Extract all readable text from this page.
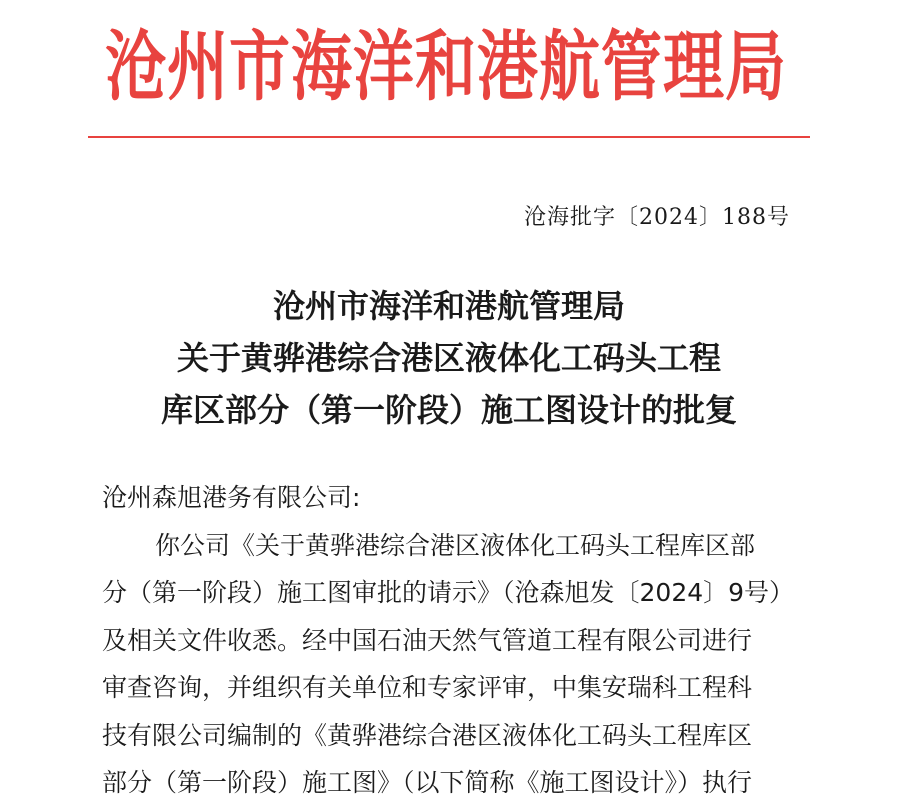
沧州市海洋和港航管理局
沧海批字〔2024〕188号
沧州市海洋和港航管理局
关于黄骅港综合港区液体化工码头工程
库区部分（第一阶段）施工图设计的批复

沧州森旭港务有限公司:

你公司《关于黄骅港综合港区液体化工码头工程库区部

分（第一阶段）施工图审批的请示》（沧森旭发〔2024〕9号）

及相关文件收悉。经中国石油天然气管道工程有限公司进行

审查咨询，并组织有关单位和专家评审，中集安瑞科工程科

技有限公司编制的《黄骅港综合港区液体化工码头工程库区

部分（第一阶段）施工图》（以下简称《施工图设计》）执行
